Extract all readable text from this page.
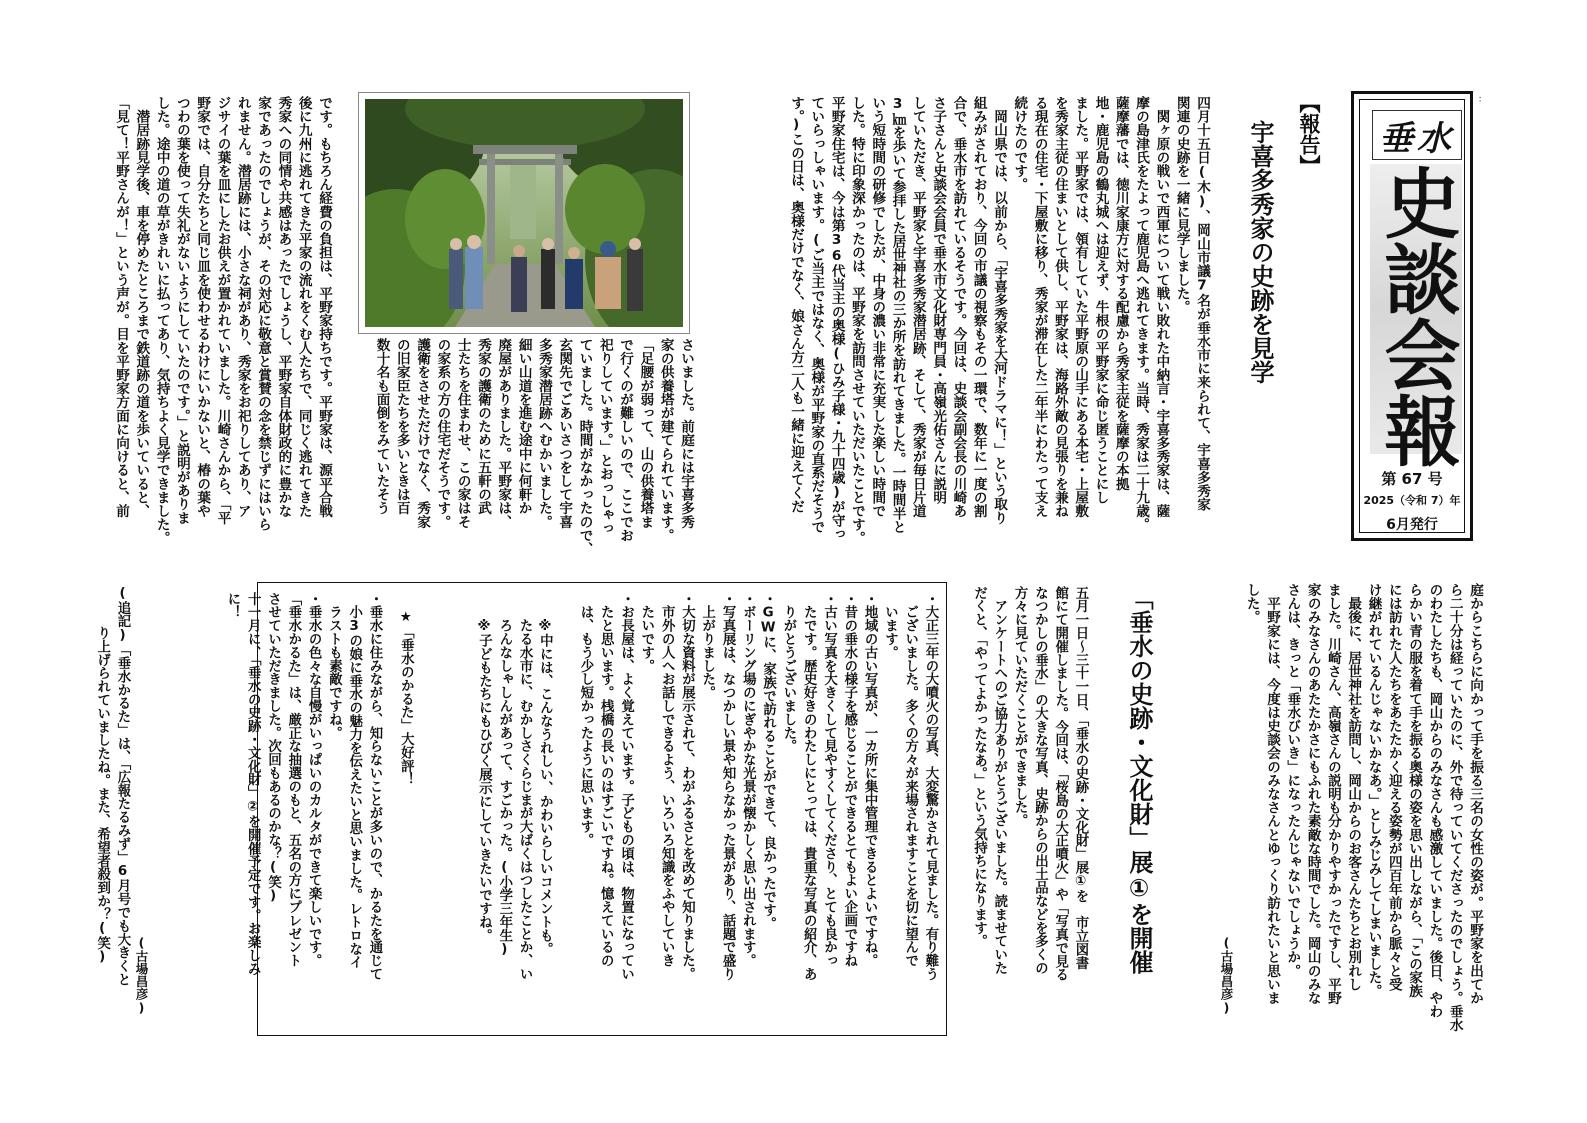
：
垂水
史談会報
第 67 号
2025（令和 7）年
6月発行
【報告】
宇喜多秀家の史跡を見学
四月十五日(木)、岡山市議7名が垂水市に来られて、宇喜多秀家
関連の史跡を一緒に見学しました。
　関ヶ原の戦いで西軍について戦い敗れた中納言・宇喜多秀家は、薩
摩の島津氏をたよって鹿児島へ逃れてきます。当時、秀家は二十九歳。
薩摩藩では、徳川家康方に対する配慮から秀家主従を薩摩の本拠
地・鹿児島の鶴丸城へは迎えず、牛根の平野家に命じ匿うことにし
ました。平野家では、領有していた平野原の山手にある本宅・上屋敷
を秀家主従の住まいとして供し、平野家は、海路外敵の見張りを兼ね
る現在の住宅・下屋敷に移り、秀家が滞在した二年半にわたって支え
続けたのです。
　岡山県では、以前から、「宇喜多秀家を大河ドラマに！」という取り
組みがされており、今回の市議の視察もその一環で、数年に一度の割
合で、垂水市を訪れているそうです。今回は、史談会副会長の川崎あ
さ子さんと史談会会員で垂水市文化財専門員・高嶺光佑さんに説明
していただき、平野家と宇喜多秀家潜居跡、そして、秀家が毎日片道
3㎞を歩いて参拝した居世神社の三か所を訪れてきました。一時間半と
いう短時間の研修でしたが、中身の濃い非常に充実した楽しい時間で
した。特に印象深かったのは、平野家を訪問させていただいたことです。
平野家住宅は、今は第36代当主の奥様(ひみ子様・九十四歳)が守っ
ていらっしゃいます。(ご当主ではなく、奥様が平野家の直系だそうで
す。)この日は、奥様だけでなく、娘さん方二人も一緒に迎えてくだ
さいました。前庭には宇喜多秀
家の供養塔が建てられています。
「足腰が弱って、山の供養塔ま
で行くのが難しいので、ここでお
祀りしています。」とおっしゃっ
ていました。時間がなかったので、
玄関先でごあいさつをして宇喜
多秀家潜居跡へむかいました。
細い山道を進む途中に何軒か
廃屋がありました。平野家は、
秀家の護衛のために五軒の武
士たちを住まわせ、この家はそ
の家系の方の住宅だそうです。
護衛をさせただけでなく、秀家
の旧家臣たちを多いときは百
数十名も面倒をみていたそう
です。もちろん経費の負担は、平野家持ちです。平野家は、源平合戦
後に九州に逃れてきた平家の流れをくむ人たちで、同じく逃れてきた
秀家への同情や共感はあったでしょうし、平野家自体財政的に豊かな
家であったのでしょうが、その対応に敬意と賞賛の念を禁じずにはいら
れません。潜居跡には、小さな祠があり、秀家をお祀りしてあり、ア
ジサイの葉を皿にしたお供えが置かれていました。川崎さんから、「平
野家では、自分たちと同じ皿を使わせるわけにいかないと、椿の葉や
つわの葉を使って失礼がないようにしていたのです。」と説明がありま
した。途中の道の草がきれいに払ってあり、気持ちよく見学できました。
　潜居跡見学後、車を停めたところまで鉄道跡の道を歩いていると、
「見て！平野さんが！」という声が。目を平野家方面に向けると、前
庭からこちらに向かって手を振る三名の女性の姿が。平野家を出てか
ら二十分は経っていたのに、外で待っていてくださったのでしょう。垂水
のわたしたちも、岡山からのみなさんも感激していました。後日、やわ
らかい青の服を着て手を振る奥様の姿を思い出しながら、「この家族
には訪れた人たちをあたたかく迎える姿勢が四百年前から脈々と受
け継がれているんじゃないかなあ。」としみじみしてしまいました。
　最後に、居世神社を訪問し、岡山からのお客さんたちとお別れし
ました。川崎さん、高嶺さんの説明も分かりやすかったですし、平野
家のみなさんのあたたかさにもふれた素敵な時間でした。岡山のみな
さんは、きっと「垂水びいき」になったんじゃないでしょうか。
　平野家には、今度は史談会のみなさんとゆっくり訪れたいと思いま
した。
(古場昌彦)
「垂水の史跡・文化財」展①を開催
五月一日～三十一日、「垂水の史跡・文化財」展①を　市立図書
館にて開催しました。今回は、「桜島の大正噴火」や「写真で見る
なつかしの垂水」の大きな写真、史跡からの出土品などを多くの
方々に見ていただくことができました。
　アンケートへのご協力ありがとうございました。読ませていた
だくと、「やってよかったなあ。」という気持ちになります。
・大正三年の大噴火の写真、大変驚かされて見ました。有り難う
　ございました。多くの方々が来場されますことを切に望んで
　います。
・地域の古い写真が、一カ所に集中管理できるとよいですね。
・昔の垂水の様子を感じることができるとてもよい企画ですね
・古い写真を大きくして見やすくしてくださり、とても良かっ
　たです。歴史好きのわたしにとっては、貴重な写真の紹介、あ
　りがとうございました。
・GWに、家族で訪れることができて、良かったです。
・ボーリング場のにぎやかな光景が懐かしく思い出されます。
・写真展は、なつかしい景や知らなかった景があり、話題で盛り
　上がりました。
・大切な資料が展示されて、わがふるさとを改めて知りました。
　市外の人へお話しできるよう、いろいろ知識をふやしていき
　たいです。
・お長屋は、よく覚えています。子どもの頃は、物置になってい
　たと思います。桟橋の長いのはすごいですね。憶えているの
　は、もう少し短かったように思います。

　　※中には、こんなうれしい、かわいらしいコメントも。
　　たる水市に、むかしさくらじまが大ばくはつしたことか、い
　　ろんなしゃしんがあって、すごかった。(小学三年生)
　　※子どもたちにもひびく展示にしていきたいですね。
★「垂水のかるた」大好評！
・垂水に住みながら、知らないことが多いので、かるたを通じて
　小3の娘に垂水の魅力を伝えたいと思いました。レトロなイ
　ラストも素敵ですね。
・垂水の色々な自慢がいっぱいのカルタができて楽しいです。
「垂水かるた」は、厳正な抽選のもと、五名の方にプレゼント
させていただきました。次回もあるのかな？(笑)
十一月に、「垂水の史跡・文化財」②を開催予定です。お楽しみ
に！
(古場昌彦)
(追記)「垂水かるた」は、「広報たるみず」6月号でも大きくと
　　　り上げられていましたね。また、希望者殺到か？(笑)
